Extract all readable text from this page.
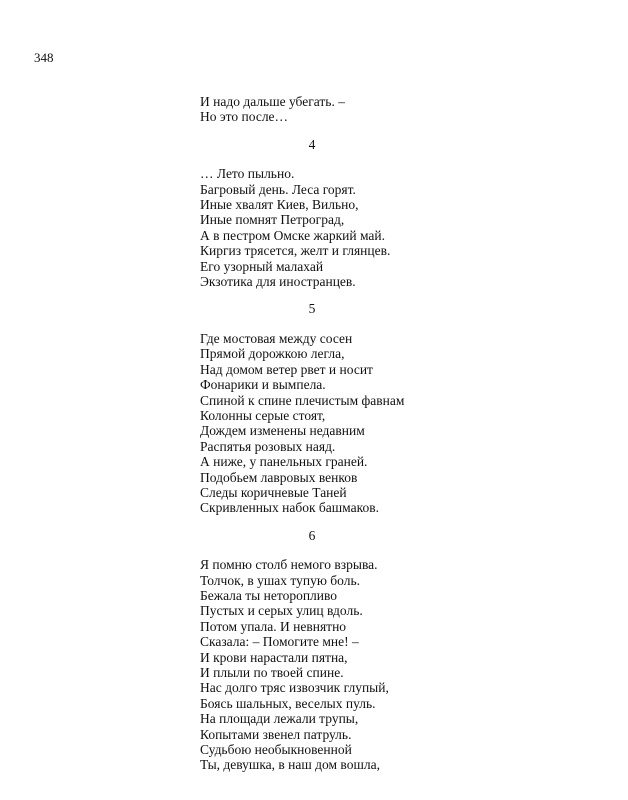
348
И надо дальше убегать. –
Но это после…
4
… Лето пыльно.
Багровый день. Леса горят.
Иные хвалят Киев, Вильно,
Иные помнят Петроград,
А в пестром Омске жаркий май.
Киргиз трясется, желт и глянцев.
Его узорный малахай
Экзотика для иностранцев.
5
Где мостовая между сосен
Прямой дорожкою легла,
Над домом ветер рвет и носит
Фонарики и вымпела.
Спиной к спине плечистым фавнам
Колонны серые стоят,
Дождем изменены недавним
Распятья розовых наяд.
А ниже, у панельных граней.
Подобьем лавровых венков
Следы коричневые Таней
Скривленных набок башмаков.
6
Я помню столб немого взрыва.
Толчок, в ушах тупую боль.
Бежала ты неторопливо
Пустых и серых улиц вдоль.
Потом упала. И невнятно
Сказала: – Помогите мне! –
И крови нарастали пятна,
И плыли по твоей спине.
Нас долго тряс извозчик глупый,
Боясь шальных, веселых пуль.
На площади лежали трупы,
Копытами звенел патруль.
Судьбою необыкновенной
Ты, девушка, в наш дом вошла,
